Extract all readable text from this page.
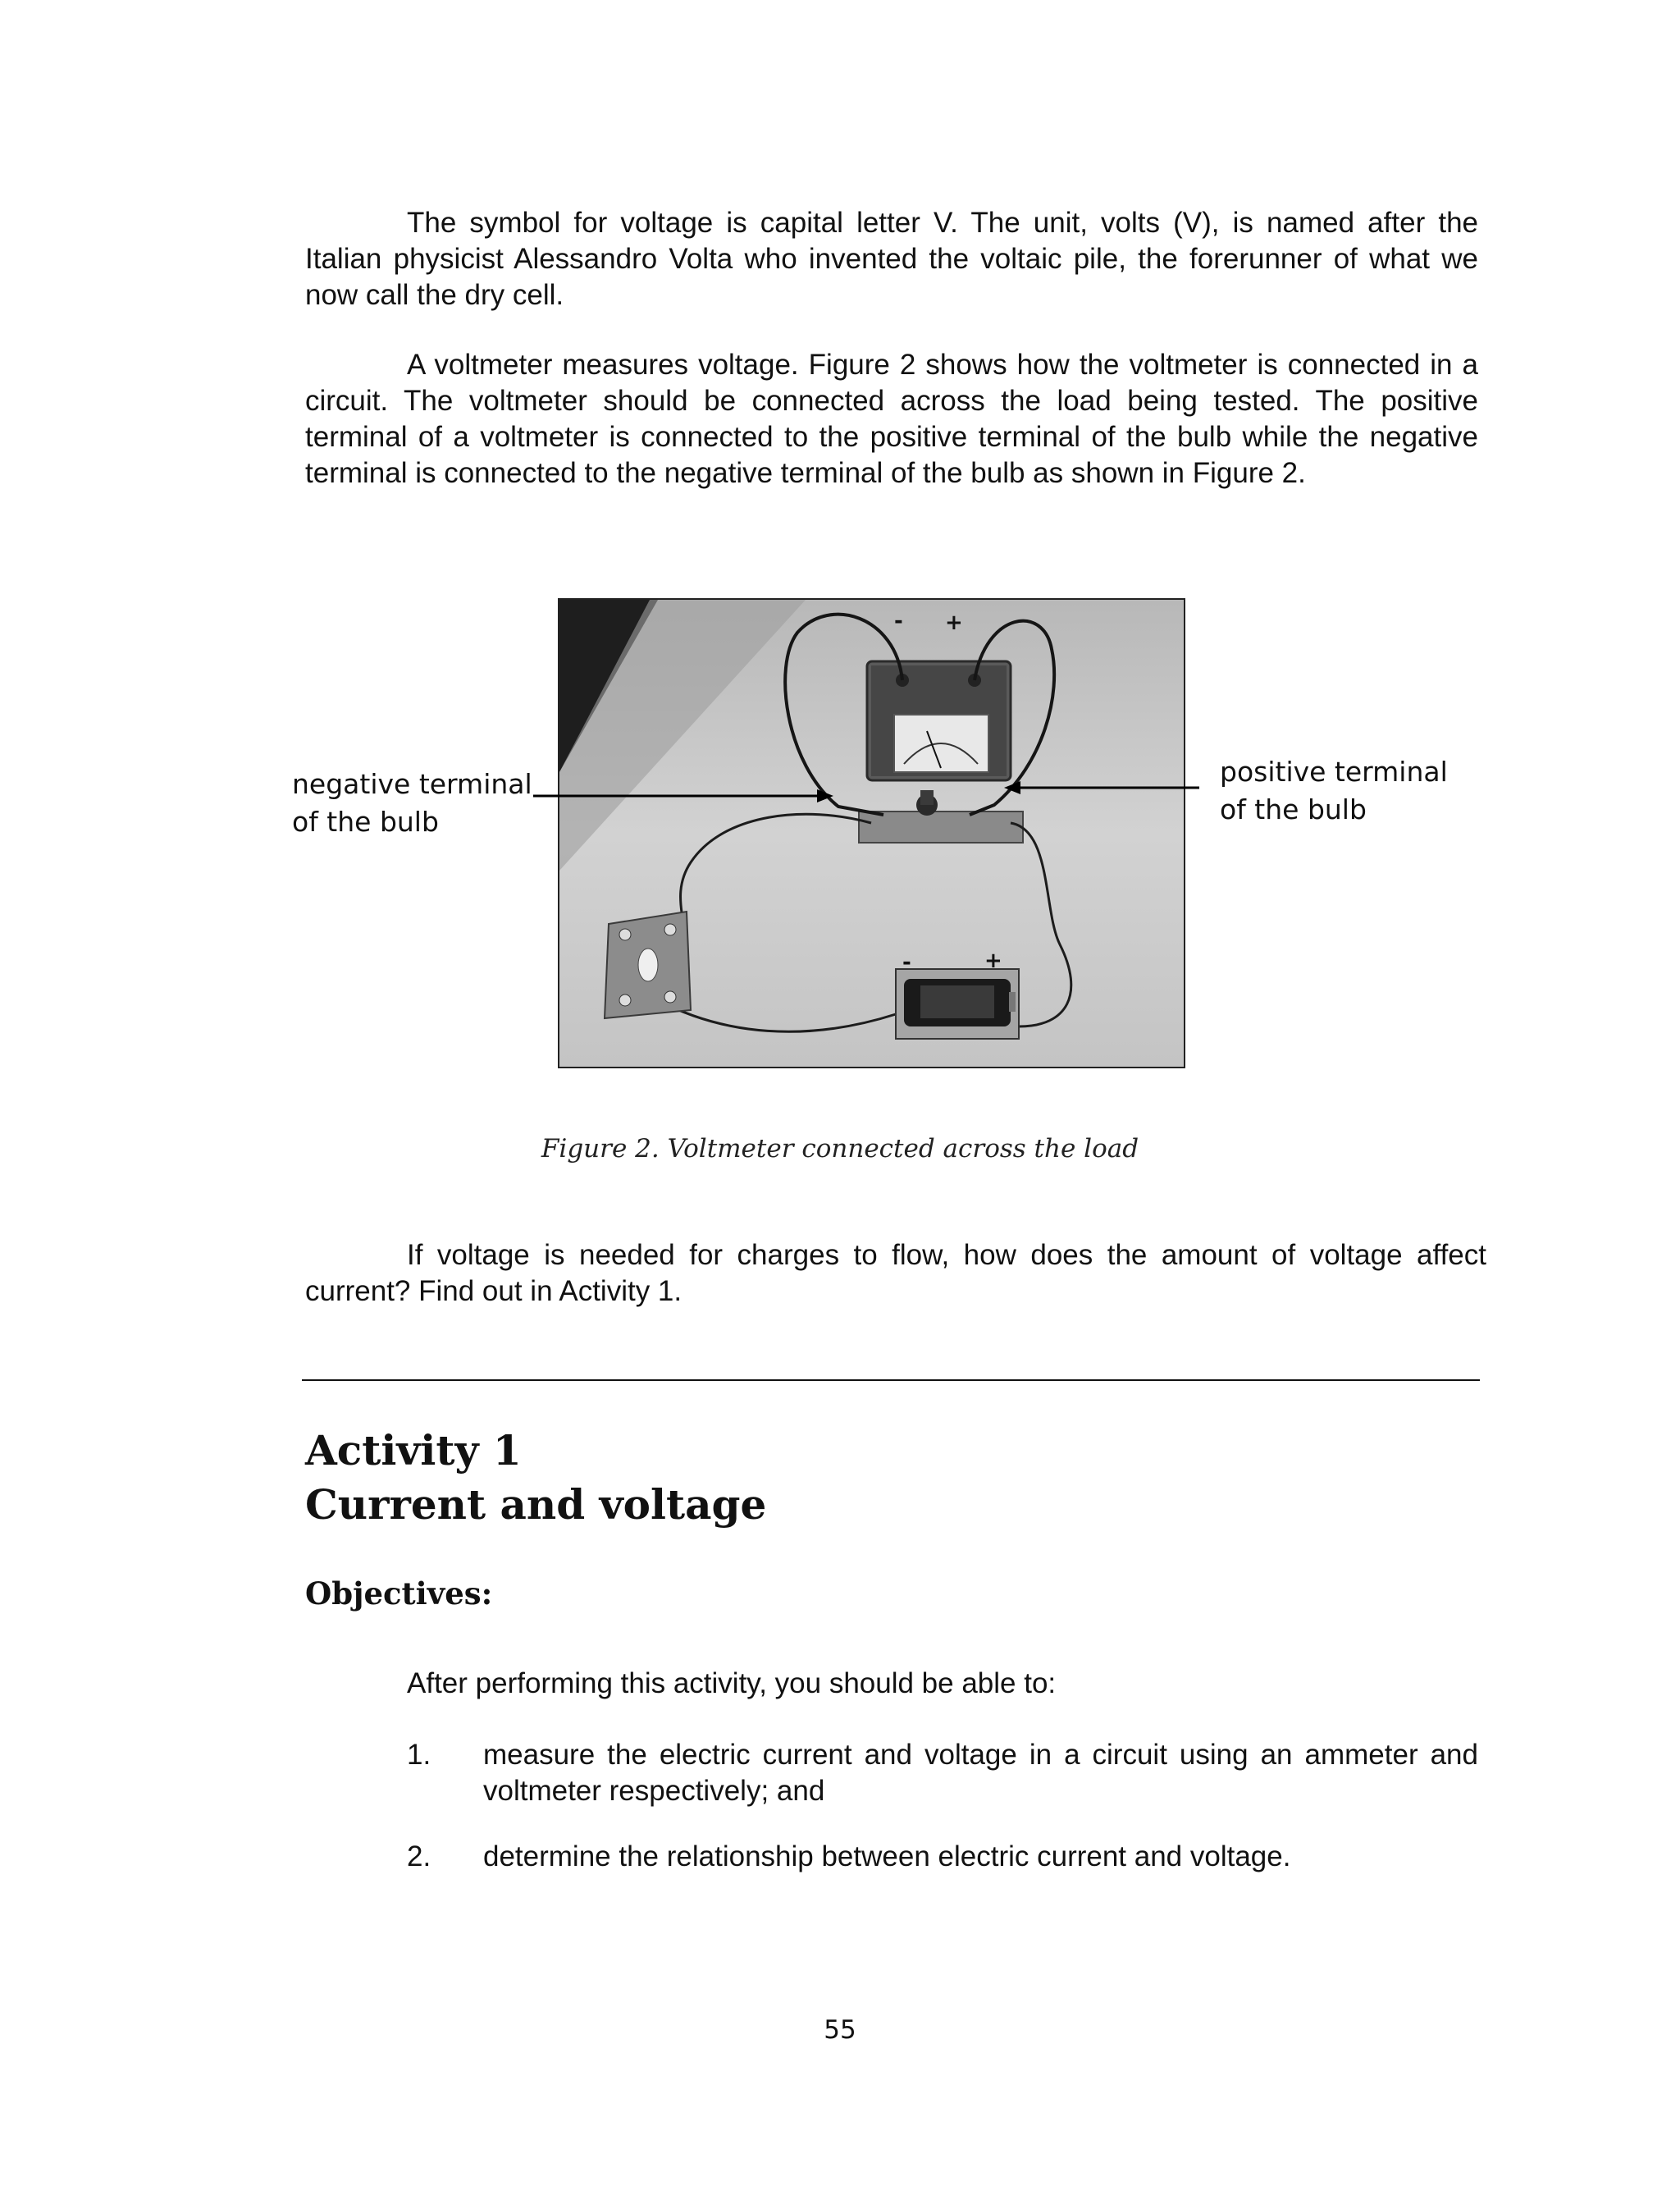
The symbol for voltage is capital letter V. The unit, volts (V), is named after the Italian physicist Alessandro Volta who invented the voltaic pile, the forerunner of what we now call the dry cell.

A voltmeter measures voltage. Figure 2 shows how the voltmeter is connected in a circuit. The voltmeter should be connected across the load being tested. The positive terminal of a voltmeter is connected to the positive terminal of the bulb while the negative terminal is connected to the negative terminal of the bulb as shown in Figure 2.

- +
-	+
negative terminal
of the bulb
positive terminal
of the bulb

Figure 2. Voltmeter connected across the load

If voltage is needed for charges to flow, how does the amount of voltage affect current? Find out in Activity 1.

Activity 1
Current and voltage
Objectives:

After performing this activity, you should be able to:

1.	measure the electric current and voltage in a circuit using an ammeter and voltmeter respectively; and
2.	determine the relationship between electric current and voltage.

55
